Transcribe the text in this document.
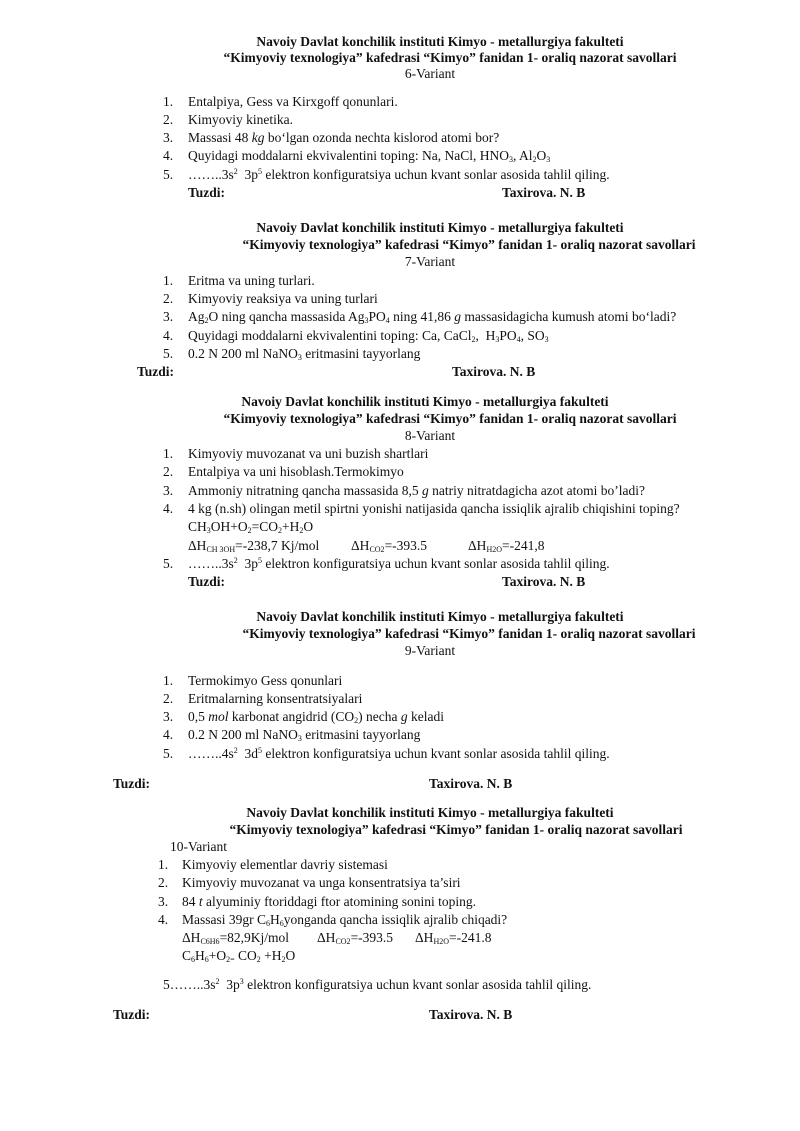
Navoiy Davlat konchilik instituti Kimyo - metallurgiya fakulteti
“Kimyoviy texnologiya” kafedrasi “Kimyo” fanidan 1- oraliq nazorat savollari
6-Variant
1. Entalpiya, Gess va Kirxgoff qonunlari.
2. Kimyoviy kinetika.
3. Massasi 48 kg bo‘lgan ozonda nechta kislorod atomi bor?
4. Quyidagi moddalarni ekvivalentini toping: Na, NaCl, $HNO_3$, $Al_2O_3$
5. $\dots\dots..3s^2$ $3p^5$ elektron konfiguratsiya uchun kvant sonlar asosida tahlil qiling.
Tuzdi:	Taxirova. N. B
Navoiy Davlat konchilik instituti Kimyo - metallurgiya fakulteti
“Kimyoviy texnologiya” kafedrasi “Kimyo” fanidan 1- oraliq nazorat savollari
7-Variant
1. Eritma va uning turlari.
2. Kimyoviy reaksiya va uning turlari
3. $Ag_2O$ ning qancha massasida $Ag_3PO_4$ ning 41,86 g massasidagicha kumush atomi bo‘ladi?
4. Quyidagi moddalarni ekvivalentini toping: Ca, CaCl$_2$,  $H_3PO_4$, $SO_3$
5. 0.2 N 200 ml NaNO$_3$ eritmasini tayyorlang
Tuzdi:	Taxirova. N. B
Navoiy Davlat konchilik instituti Kimyo - metallurgiya fakulteti
“Kimyoviy texnologiya” kafedrasi “Kimyo” fanidan 1- oraliq nazorat savollari
8-Variant
1. Kimyoviy muvozanat va uni buzish shartlari
2. Entalpiya va uni hisoblash.Termokimyo
3. Ammoniy nitratning qancha massasida 8,5 g natriy nitratdagicha azot atomi bo’ladi?
4. 4 kg (n.sh) olingan metil spirtni yonishi natijasida qancha issiqlik ajralib chiqishini toping?
$CH_3OH+O_2=CO_2+H_2O$
$\Delta H_{CH 3OH}=-238,7$ Kj/mol $\Delta H_{CO2}=-393.5$	$\Delta H_{H2O}=-241,8$
5. $\dots\dots..3s^2$ $3p^5$ elektron konfiguratsiya uchun kvant sonlar asosida tahlil qiling.
Tuzdi:	Taxirova. N. B
Navoiy Davlat konchilik instituti Kimyo - metallurgiya fakulteti
“Kimyoviy texnologiya” kafedrasi “Kimyo” fanidan 1- oraliq nazorat savollari
9-Variant
1. Termokimyo Gess qonunlari
2. Eritmalarning konsentratsiyalari
3. 0,5 mol karbonat angidrid $(CO_2)$ necha g keladi
4. 0.2 N 200 ml NaNO$_3$ eritmasini tayyorlang
5. $\dots\dots..4s^2$ $3d^5$ elektron konfiguratsiya uchun kvant sonlar asosida tahlil qiling.
Tuzdi:	Taxirova. N. B
Navoiy Davlat konchilik instituti Kimyo - metallurgiya fakulteti
“Kimyoviy texnologiya” kafedrasi “Kimyo” fanidan 1- oraliq nazorat savollari
10-Variant
1. Kimyoviy elementlar davriy sistemasi
2. Kimyoviy muvozanat va unga konsentratsiya ta’siri
3. 84 t alyuminiy ftoriddagi ftor atomining sonini toping.
4. Massasi 39gr $C_6H_6yonganda$ qancha issiqlik ajralib chiqadi?
$\Delta H_{C6H6}=82,9Kj$/mol $\Delta H_{CO2}=-393.5$ $\Delta H_{H2O}=-241.8$
$C_6H_6+O_{2=}$ $CO_2 +H_2O$
$5\dots\dots..3s^2$ $3p^3$ elektron konfiguratsiya uchun kvant sonlar asosida tahlil qiling.
Tuzdi:	Taxirova. N. B
